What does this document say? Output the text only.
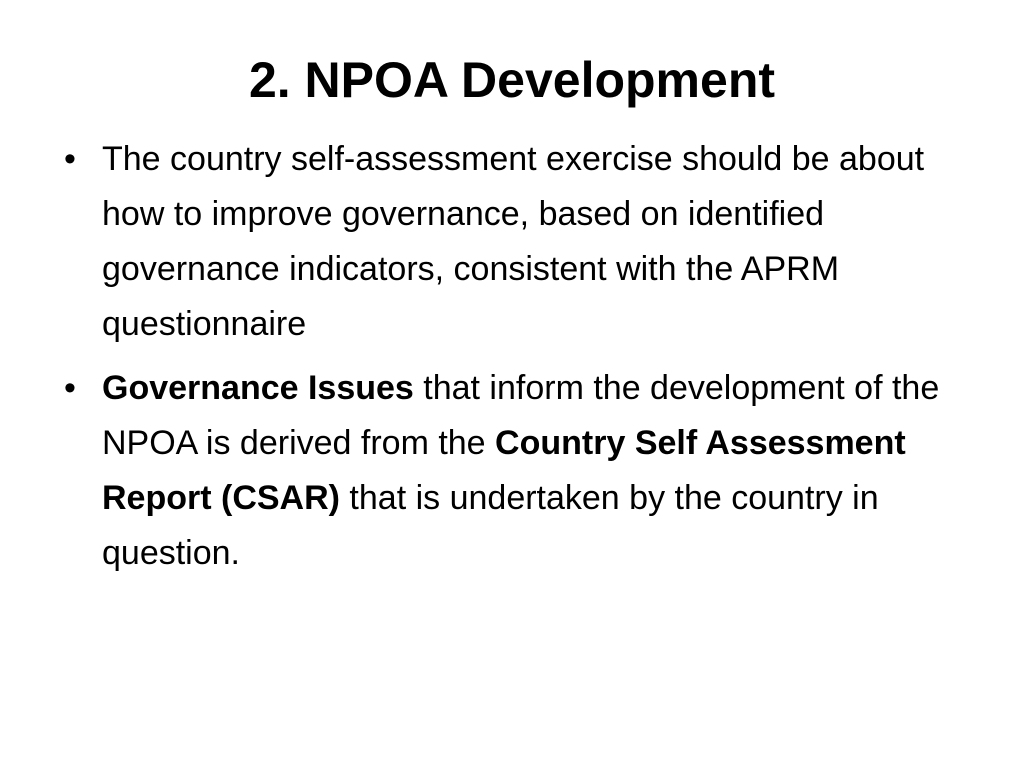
2. NPOA Development
• The country self-assessment exercise should be about how to improve governance, based on identified governance indicators, consistent with the APRM questionnaire
• Governance Issues that inform the development of the NPOA is derived from the Country Self Assessment Report (CSAR) that is undertaken by the country in question.
